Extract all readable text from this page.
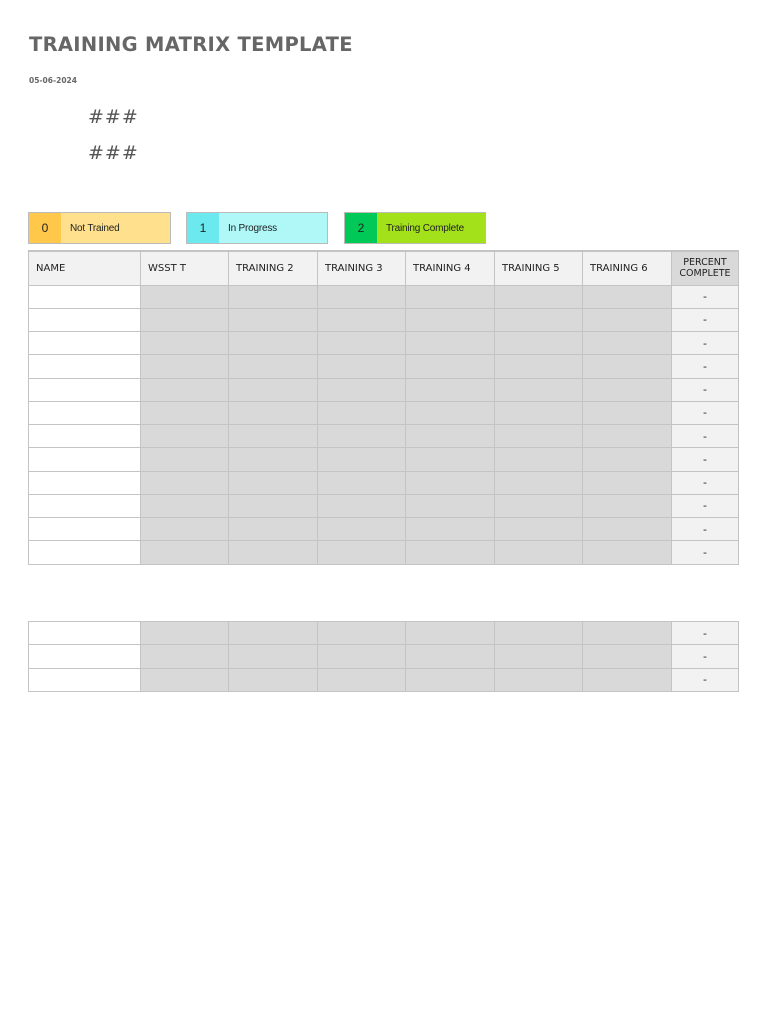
TRAINING MATRIX TEMPLATE
05-06-2024
###
###
0	Not Trained	1	In Progress	2	Training Complete
NAME	WSST T	TRAINING 2	TRAINING 3	TRAINING 4	TRAINING 5	TRAINING 6	PERCENT COMPLETE
							-
							-
							-
							-
							-
							-
							-
							-
							-
							-
							-
							-
							-
							-
							-
